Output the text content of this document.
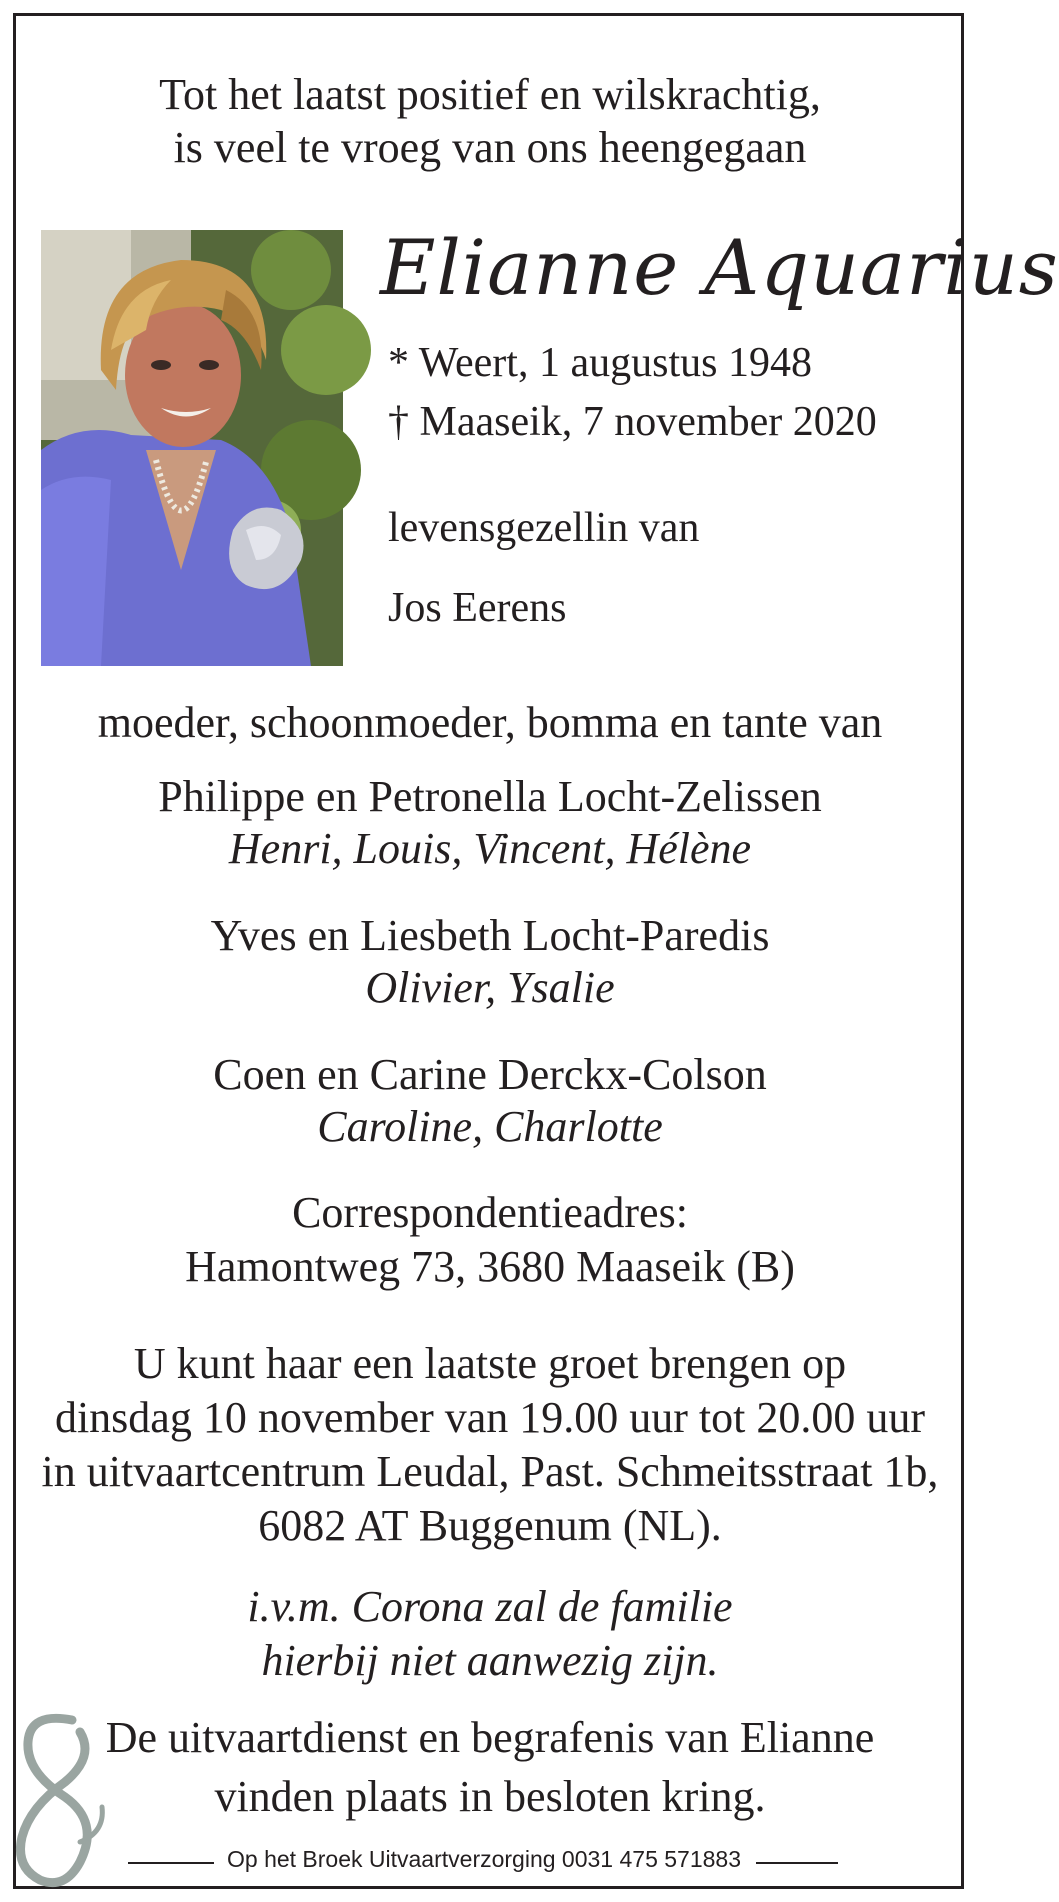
Tot het laatst positief en wilskrachtig,
is veel te vroeg van ons heengegaan
Elianne Aquarius
* Weert, 1 augustus 1948
† Maaseik, 7 november 2020
levensgezellin van
Jos Eerens
moeder, schoonmoeder, bomma en tante van
Philippe en Petronella Locht-Zelissen
Henri, Louis, Vincent, Hélène
Yves en Liesbeth Locht-Paredis
Olivier, Ysalie
Coen en Carine Derckx-Colson
Caroline, Charlotte
Correspondentieadres:
Hamontweg 73, 3680 Maaseik (B)
U kunt haar een laatste groet brengen op
dinsdag 10 november van 19.00 uur tot 20.00 uur
in uitvaartcentrum Leudal, Past. Schmeitsstraat 1b,
6082 AT Buggenum (NL).
i.v.m. Corona zal de familie
hierbij niet aanwezig zijn.
De uitvaartdienst en begrafenis van Elianne
vinden plaats in besloten kring.
Op het Broek Uitvaartverzorging 0031 475 571883
